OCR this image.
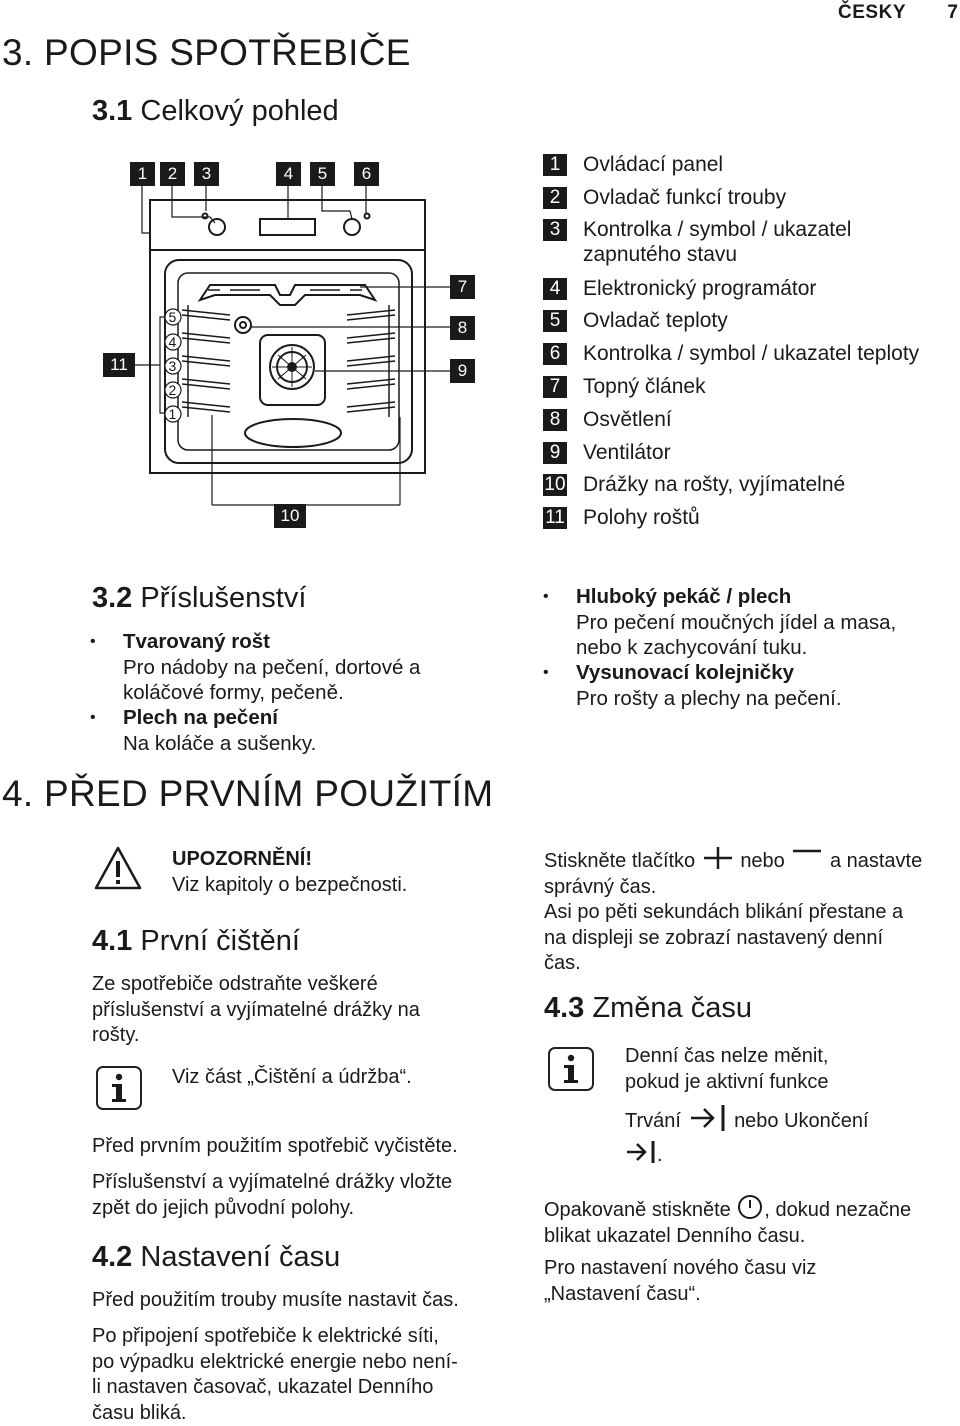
ČESKY 7
3. POPIS SPOTŘEBIČE
3.1 Celkový pohled
5
4
3
2
1
1	2	3	4	5	6
7
8
9
11
10
1	Ovládací panel
2	Ovladač funkcí trouby
3	Kontrolka / symbol / ukazatel
zapnutého stavu
4	Elektronický programátor
5	Ovladač teploty
6	Kontrolka / symbol / ukazatel teploty
7	Topný článek
8	Osvětlení
9	Ventilátor
10 Drážky na rošty, vyjímatelné
11 Polohy roštů
3.2 Příslušenství
• Tvarovaný rošt
Pro nádoby na pečení, dortové a
koláčové formy, pečeně.
• Plech na pečení
Na koláče a sušenky.
• Hluboký pekáč / plech
Pro pečení moučných jídel a masa,
nebo k zachycování tuku.
• Vysunovací kolejničky
Pro rošty a plechy na pečení.
4. PŘED PRVNÍM POUŽITÍM
UPOZORNĚNÍ!
Viz kapitoly o bezpečnosti.
4.1 První čištění
Ze spotřebiče odstraňte veškeré
příslušenství a vyjímatelné drážky na
rošty.
Viz část „Čištění a údržba“.
Před prvním použitím spotřebič vyčistěte.
Příslušenství a vyjímatelné drážky vložte
zpět do jejich původní polohy.
4.2 Nastavení času
Před použitím trouby musíte nastavit čas.
Po připojení spotřebiče k elektrické síti,
po výpadku elektrické energie nebo není-
li nastaven časovač, ukazatel Denního
času bliká.
Stiskněte tlačítko nebo a nastavte
správný čas.
Asi po pěti sekundách blikání přestane a
na displeji se zobrazí nastavený denní
čas.
4.3 Změna času
Denní čas nelze měnit,
pokud je aktivní funkce
Trvání	nebo Ukončení
.
Opakovaně stiskněte , dokud nezačne
blikat ukazatel Denního času.
Pro nastavení nového času viz
„Nastavení času“.
